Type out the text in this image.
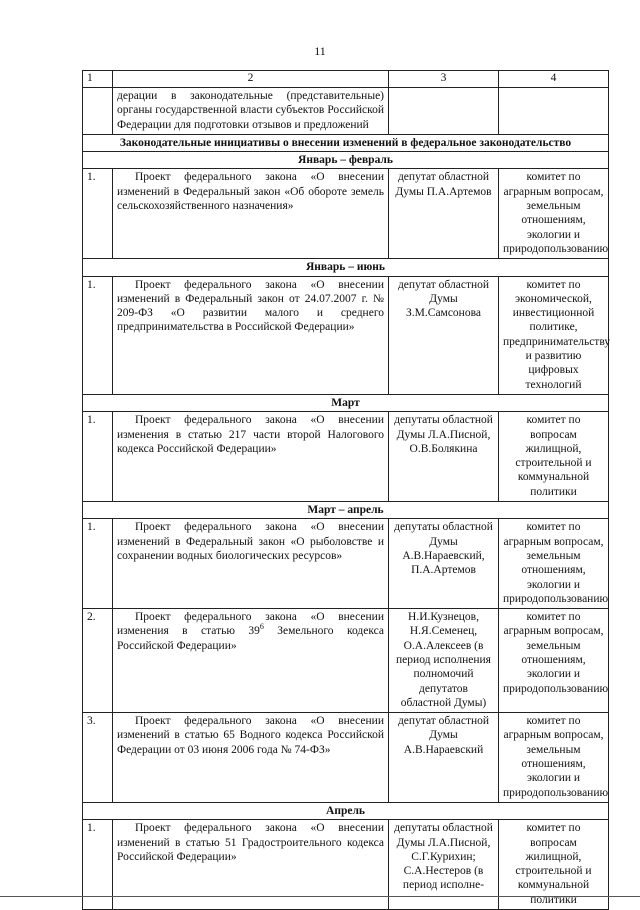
11
1	2	3	4
	дерации в законодательные (представительные) органы государственной власти субъектов Российской Федерации для подготовки отзывов и предложений		
Законодательные инициативы о внесении изменений в федеральное законодательство			
Январь – февраль			
1.	Проект федерального закона «О внесении изменений в Федеральный закон «Об обороте земель сельскохозяйственного назначения»	депутат областной Думы П.А.Артемов	комитет по аграрным вопросам, земельным отношениям, экологии и природопользованию
Январь – июнь			
1.	Проект федерального закона «О внесении изменений в Федеральный закон от 24.07.2007 г. № 209-ФЗ «О развитии малого и среднего предпринимательства в Российской Федерации»	депутат областной Думы З.М.Самсонова	комитет по экономической, инвестиционной политике, предпринимательству и развитию цифровых технологий
Март			
1.	Проект федерального закона «О внесении изменения в статью 217 части второй Налогового кодекса Российской Федерации»	депутаты областной Думы Л.А.Писной, О.В.Болякина	комитет по вопросам жилищной, строительной и коммунальной политики
Март – апрель			
1.	Проект федерального закона «О внесении изменений в Федеральный закон «О рыболовстве и сохранении водных биологических ресурсов»	депутаты областной Думы А.В.Нараевский, П.А.Артемов	комитет по аграрным вопросам, земельным отношениям, экологии и природопользованию
2.	Проект федерального закона «О внесении изменения в статью $39^6$ Земельного кодекса Российской Федерации»	Н.И.Кузнецов, Н.Я.Семенец, О.А.Алексеев (в период исполнения полномочий депутатов областной Думы)	комитет по аграрным вопросам, земельным отношениям, экологии и природопользованию
3.	Проект федерального закона «О внесении изменений в статью 65 Водного кодекса Российской Федерации от 03 июня 2006 года № 74-ФЗ»	депутат областной Думы А.В.Нараевский	комитет по аграрным вопросам, земельным отношениям, экологии и природопользованию
Апрель			
1.	Проект федерального закона «О внесении изменений в статью 51 Градостроительного кодекса Российской Федерации»	депутаты областной Думы Л.А.Писной, С.Г.Курихин; С.А.Нестеров (в период исполне-	комитет по вопросам жилищной, строительной и коммунальной политики
